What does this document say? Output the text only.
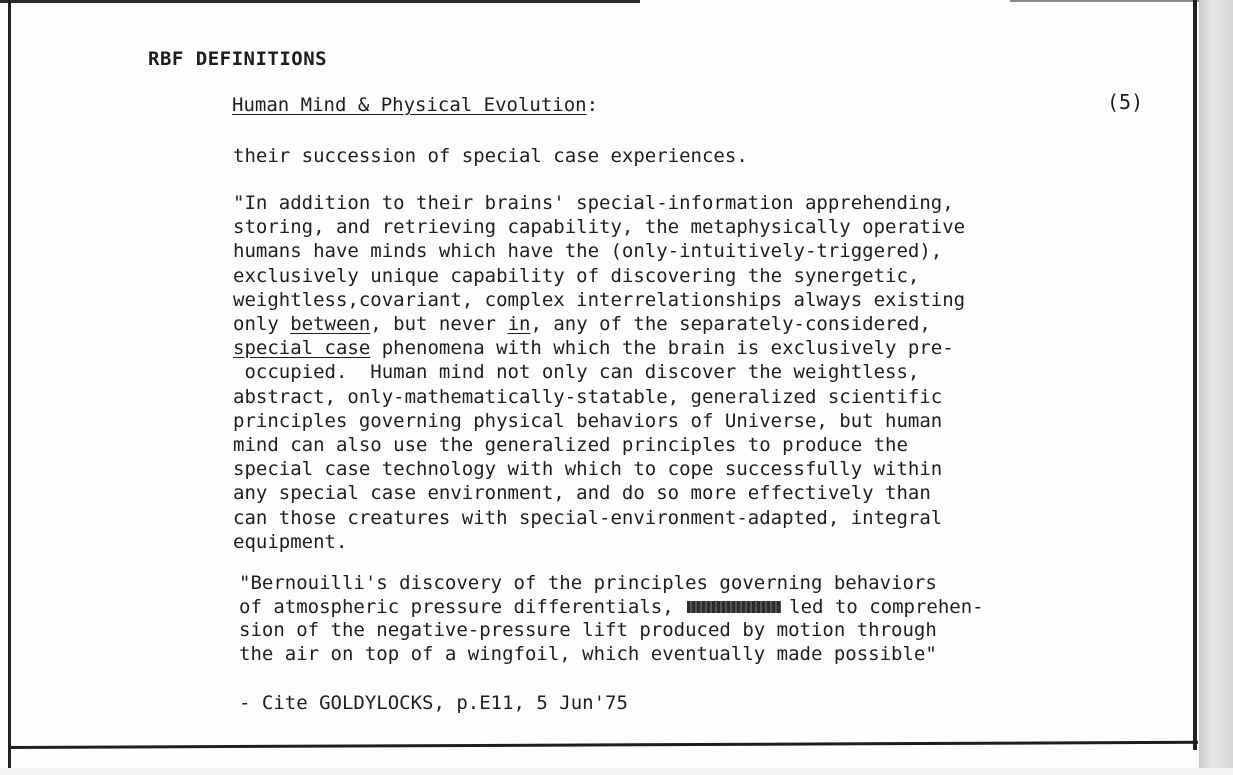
RBF DEFINITIONS
Human Mind & Physical Evolution:	(5)
their succession of special case experiences.
"In addition to their brains' special-information apprehending,
storing, and retrieving capability, the metaphysically operative
humans have minds which have the (only-intuitively-triggered),
exclusively unique capability of discovering the synergetic,
weightless,covariant, complex interrelationships always existing
only between, but never in, any of the separately-considered,
special case phenomena with which the brain is exclusively pre-
occupied.  Human mind not only can discover the weightless,
abstract, only-mathematically-statable, generalized scientific
principles governing physical behaviors of Universe, but human
mind can also use the generalized principles to produce the
special case technology with which to cope successfully within
any special case environment, and do so more effectively than
can those creatures with special-environment-adapted, integral
equipment.
"Bernouilli's discovery of the principles governing behaviors
of atmospheric pressure differentials,	led to comprehen-
sion of the negative-pressure lift produced by motion through
the air on top of a wingfoil, which eventually made possible"
- Cite GOLDYLOCKS, p.E11, 5 Jun'75
